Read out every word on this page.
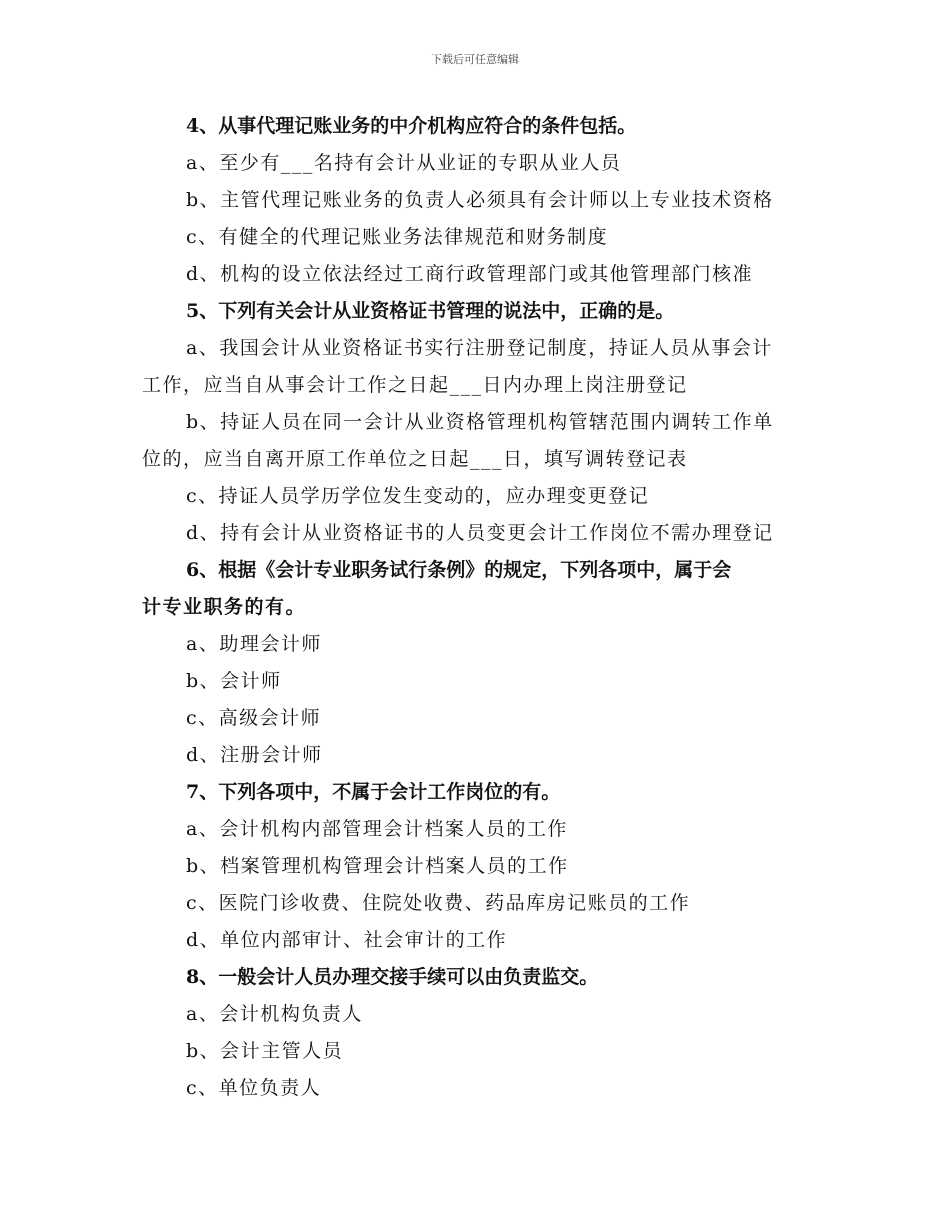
下载后可任意编辑
4、从事代理记账业务的中介机构应符合的条件包括。
a、至少有___名持有会计从业证的专职从业人员
b、主管代理记账业务的负责人必须具有会计师以上专业技术资格
c、有健全的代理记账业务法律规范和财务制度
d、机构的设立依法经过工商行政管理部门或其他管理部门核准
5、下列有关会计从业资格证书管理的说法中，正确的是。
a、我国会计从业资格证书实行注册登记制度，持证人员从事会计
工作，应当自从事会计工作之日起___日内办理上岗注册登记
b、持证人员在同一会计从业资格管理机构管辖范围内调转工作单
位的，应当自离开原工作单位之日起___日，填写调转登记表
c、持证人员学历学位发生变动的，应办理变更登记
d、持有会计从业资格证书的人员变更会计工作岗位不需办理登记
6、根据《会计专业职务试行条例》的规定，下列各项中，属于会
计专业职务的有。
a、助理会计师
b、会计师
c、高级会计师
d、注册会计师
7、下列各项中，不属于会计工作岗位的有。
a、会计机构内部管理会计档案人员的工作
b、档案管理机构管理会计档案人员的工作
c、医院门诊收费、住院处收费、药品库房记账员的工作
d、单位内部审计、社会审计的工作
8、一般会计人员办理交接手续可以由负责监交。
a、会计机构负责人
b、会计主管人员
c、单位负责人
